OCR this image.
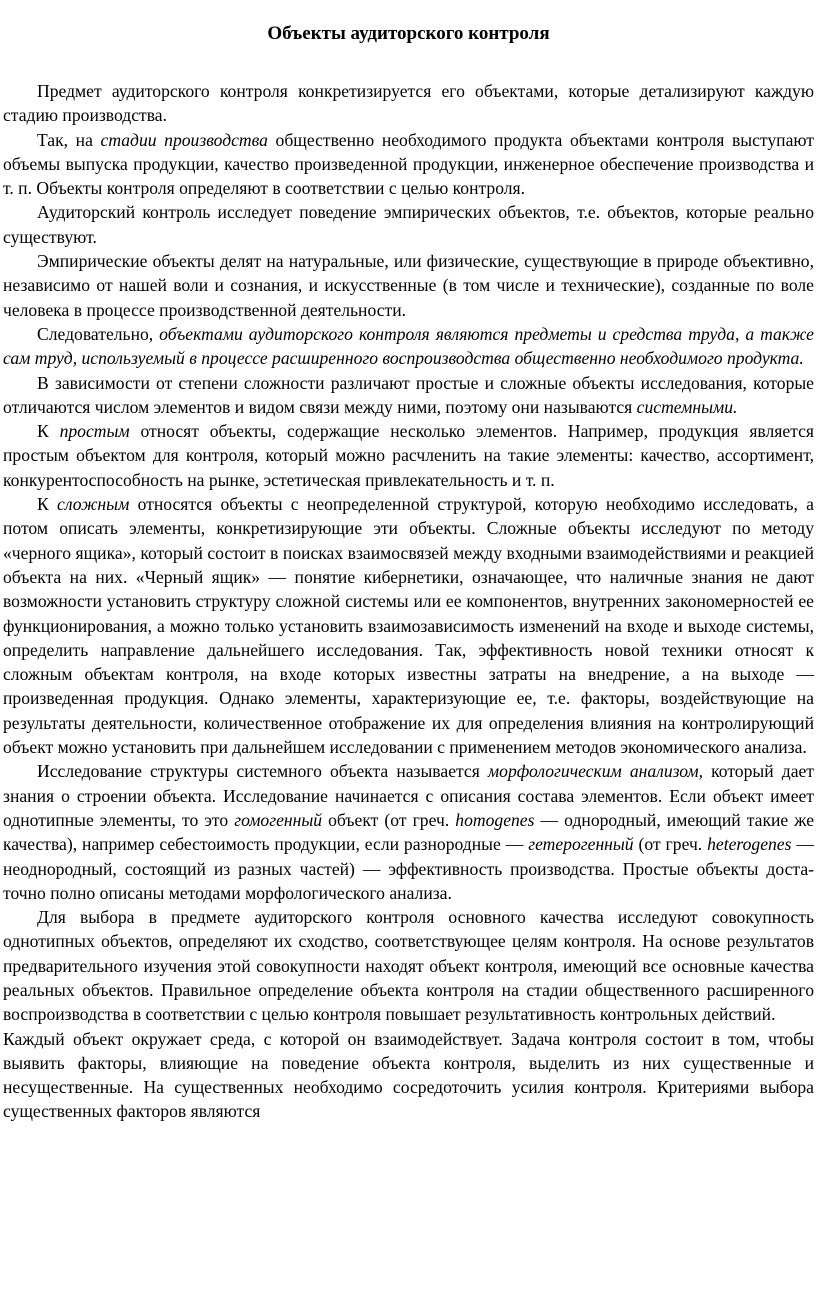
Объекты аудиторского контроля

Предмет аудиторского контроля конкретизируется его объектами, которые детализируют каждую стадию производства.

Так, на стадии производства общественно необходимого продукта объектами контроля выступают объемы выпуска продукции, качество произведенной продукции, инженерное обеспечение производства и т. п. Объекты контроля определяют в соответствии с целью контроля.

Аудиторский контроль исследует поведение эмпирических объектов, т.е. объектов, которые реально существуют.

Эмпирические объекты делят на натуральные, или физические, существующие в природе объективно, независимо от нашей воли и сознания, и искусственные (в том числе и технические), созданные по воле человека в процессе производственной деятельности.

Следовательно, объектами аудиторского контроля являются предметы и средства труда, а также сам труд, используемый в процессе расширенного воспроизводства общественно необходимого продукта.

В зависимости от степени сложности различают простые и сложные объекты исследования, которые отличаются числом элементов и видом связи между ними, поэтому они называются системными.

К простым относят объекты, содержащие несколько элементов. Например, продукция является простым объектом для контроля, который можно расчленить на такие элементы: качество, ассортимент, конкурентоспособность на рынке, эстетическая привлекательность и т. п.

К сложным относятся объекты с неопределенной структурой, которую необходимо исследовать, а потом описать элементы, конкретизирующие эти объекты. Сложные объекты исследуют по методу «черного ящика», который состоит в поисках взаимосвязей между входными взаимодействиями и реакцией объекта на них. «Черный ящик» — понятие кибернетики, означающее, что наличные знания не дают возможности установить структуру сложной системы или ее компонентов, внутренних закономерностей ее функционирования, а можно только установить взаимозависимость изменений на входе и выходе системы, определить направление дальнейшего исследования. Так, эффективность новой техники относят к сложным объектам контроля, на входе которых известны затраты на внедрение, а на выходе — произведенная продукция. Однако элементы, характеризующие ее, т.е. факторы, воздействующие на результаты деятельности, количественное отображение их для определения влияния на контролирующий объект можно установить при дальнейшем исследовании с применением методов экономического анализа.

Исследование структуры системного объекта называется морфологическим анализом, который дает знания о строении объекта. Исследование начинается с описания состава элементов. Если объект имеет однотипные элементы, то это гомогенный объект (от греч. homogenes — однородный, имеющий такие же качества), например себестоимость продукции, если разнородные — гетерогенный (от греч. heterogenes — неоднородный, состоящий из разных частей) — эффективность производства. Простые объекты достаточно полно описаны методами морфологического анализа.

Для выбора в предмете аудиторского контроля основного качества исследуют совокупность однотипных объектов, определяют их сходство, соответствующее целям контроля. На основе результатов предварительного изучения этой совокупности находят объект контроля, имеющий все основные качества реальных объектов. Правильное определение объекта контроля на стадии общественного расширенного воспроизводства в соответствии с целью контроля повышает результативность контрольных действий.

Каждый объект окружает среда, с которой он взаимодействует. Задача контроля состоит в том, чтобы выявить факторы, влияющие на поведение объекта контроля, выделить из них существенные и несущественные. На существенных необходимо сосредоточить усилия контроля. Критериями выбора существенных факторов являются
